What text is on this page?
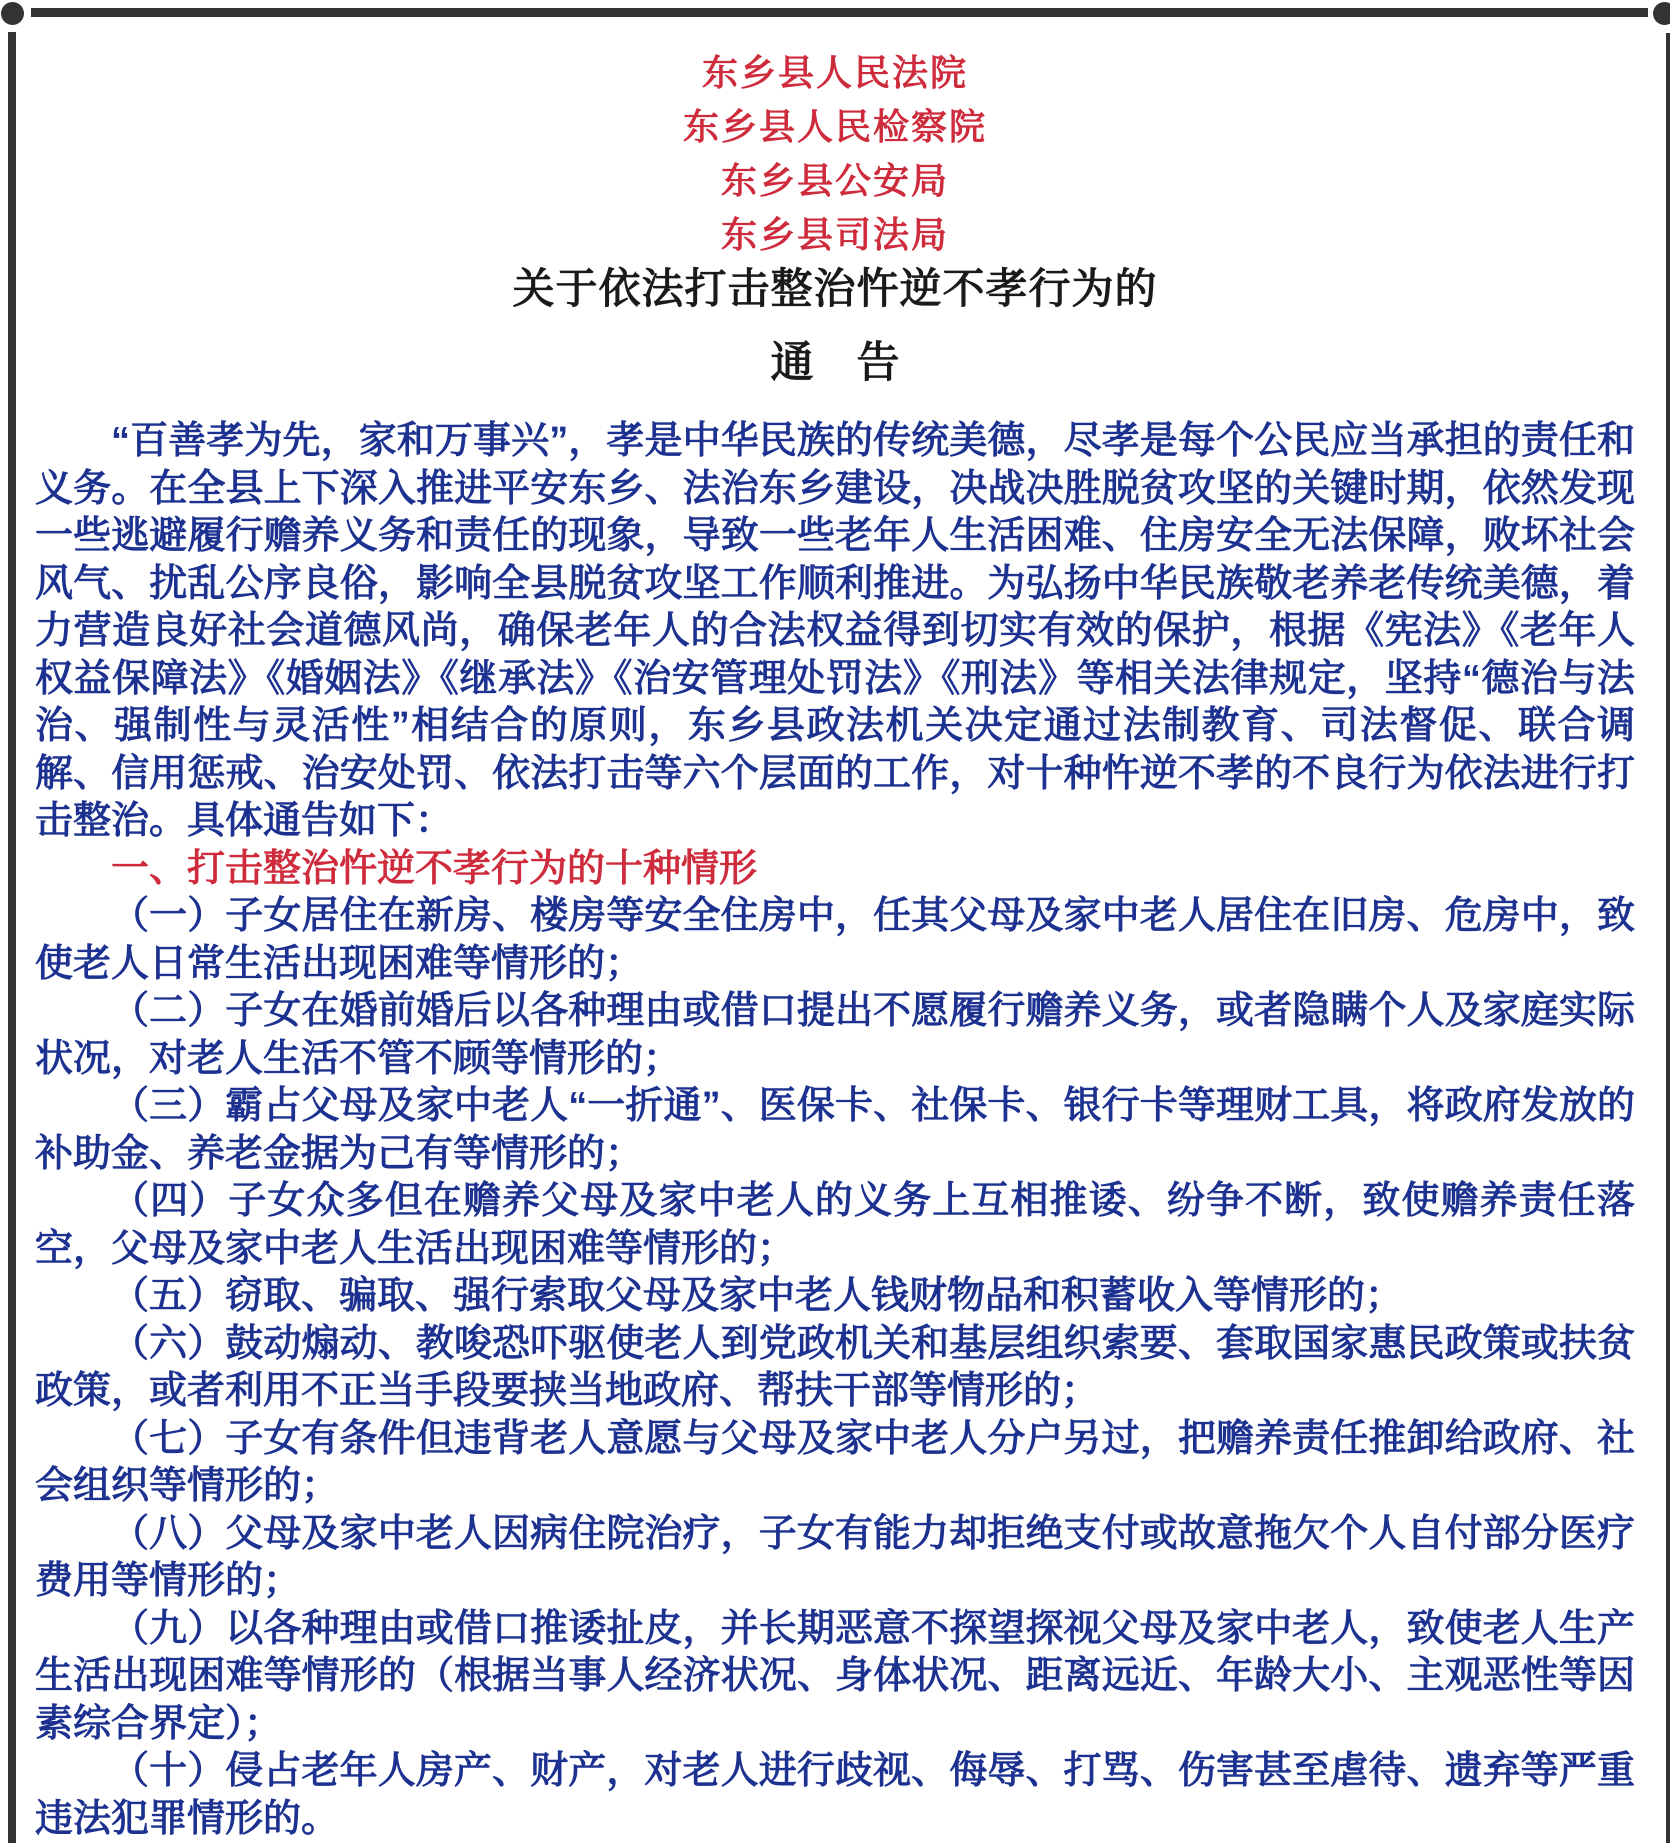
东乡县人民法院
东乡县人民检察院
东乡县公安局
东乡县司法局
关于依法打击整治忤逆不孝行为的
通　告

“百善孝为先，家和万事兴”，孝是中华民族的传统美德，尽孝是每个公民应当承担的责任和义务。在全县上下深入推进平安东乡、法治东乡建设，决战决胜脱贫攻坚的关键时期，依然发现一些逃避履行赡养义务和责任的现象，导致一些老年人生活困难、住房安全无法保障，败坏社会风气、扰乱公序良俗，影响全县脱贫攻坚工作顺利推进。为弘扬中华民族敬老养老传统美德，着力营造良好社会道德风尚，确保老年人的合法权益得到切实有效的保护，根据《宪法》《老年人权益保障法》《婚姻法》《继承法》《治安管理处罚法》《刑法》等相关法律规定，坚持“德治与法治、强制性与灵活性”相结合的原则，东乡县政法机关决定通过法制教育、司法督促、联合调解、信用惩戒、治安处罚、依法打击等六个层面的工作，对十种忤逆不孝的不良行为依法进行打击整治。具体通告如下：

一、打击整治忤逆不孝行为的十种情形

（一）子女居住在新房、楼房等安全住房中，任其父母及家中老人居住在旧房、危房中，致使老人日常生活出现困难等情形的；

（二）子女在婚前婚后以各种理由或借口提出不愿履行赡养义务，或者隐瞒个人及家庭实际状况，对老人生活不管不顾等情形的；

（三）霸占父母及家中老人“一折通”、医保卡、社保卡、银行卡等理财工具，将政府发放的补助金、养老金据为己有等情形的；

（四）子女众多但在赡养父母及家中老人的义务上互相推诿、纷争不断，致使赡养责任落空，父母及家中老人生活出现困难等情形的；

（五）窃取、骗取、强行索取父母及家中老人钱财物品和积蓄收入等情形的；

（六）鼓动煽动、教唆恐吓驱使老人到党政机关和基层组织索要、套取国家惠民政策或扶贫政策，或者利用不正当手段要挟当地政府、帮扶干部等情形的；

（七）子女有条件但违背老人意愿与父母及家中老人分户另过，把赡养责任推卸给政府、社会组织等情形的；

（八）父母及家中老人因病住院治疗，子女有能力却拒绝支付或故意拖欠个人自付部分医疗费用等情形的；

（九）以各种理由或借口推诿扯皮，并长期恶意不探望探视父母及家中老人，致使老人生产生活出现困难等情形的（根据当事人经济状况、身体状况、距离远近、年龄大小、主观恶性等因素综合界定）；

（十）侵占老年人房产、财产，对老人进行歧视、侮辱、打骂、伤害甚至虐待、遗弃等严重违法犯罪情形的。
